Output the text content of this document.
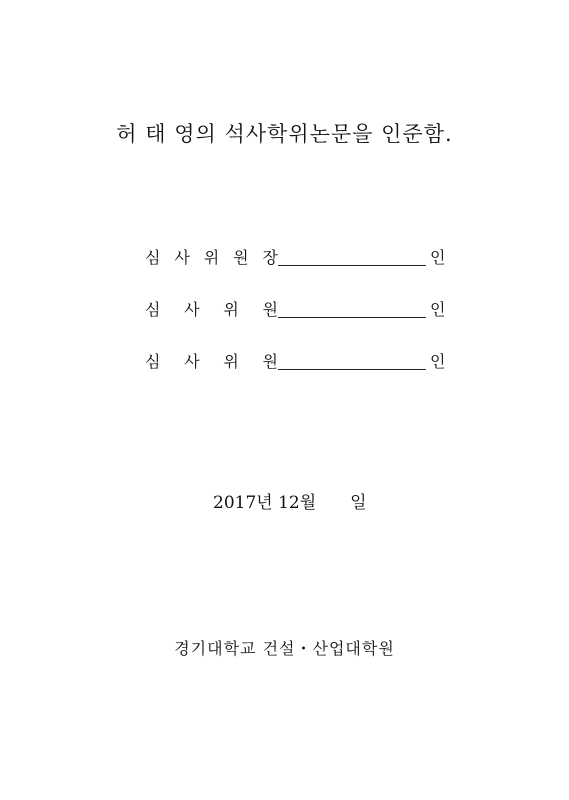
허 태 영의 석사학위논문을 인준함.
심 사 위 원 장	인
심 사 위 원	인
심 사 위 원	인
2017년 12월 일
경기대학교 건설・산업대학원
